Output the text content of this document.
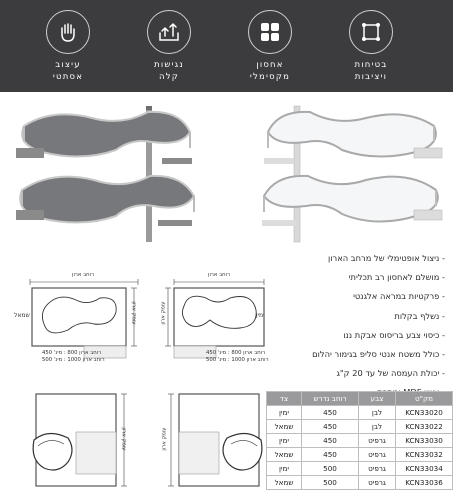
עיצוב
אסתטי
נגישות
קלה
אחסון
מקסימלי
בטיחות
ויציבות
- ניצול אופטימלי של מרחב הארון
- מושלם לאחסון רב תכליתי
- פרקטיות במראה אלגנטי
- נשלף בקלות
- כיסוי צבע בריסוס אבקת ננו
- כולל משטח אנטי סליפ בגימור יהלום
- יכולת העמסה של עד 20 ק"ג
רוחב ארון
עומק ארון
שמאל
רוחב ארון 800 : מינ' 450
רוחב ארון 1000 : מינ' 500
רוחב ארון
עומק ארון	ימין
רוחב ארון 800 : מינ' 450
רוחב ארון 1000 : מינ' 500
עומק ארון	עומק ארון
מק"ט	צבע	רוחב נדרש	צד
KCN33020	לבן	450	ימין
KCN33022	לבן	450	שמאל
KCN33030	גרפיט	450	ימין
KCN33032	גרפיט	450	שמאל
KCN33034	גרפיט	500	ימין
KCN33036	גרפיט	500	שמאל
